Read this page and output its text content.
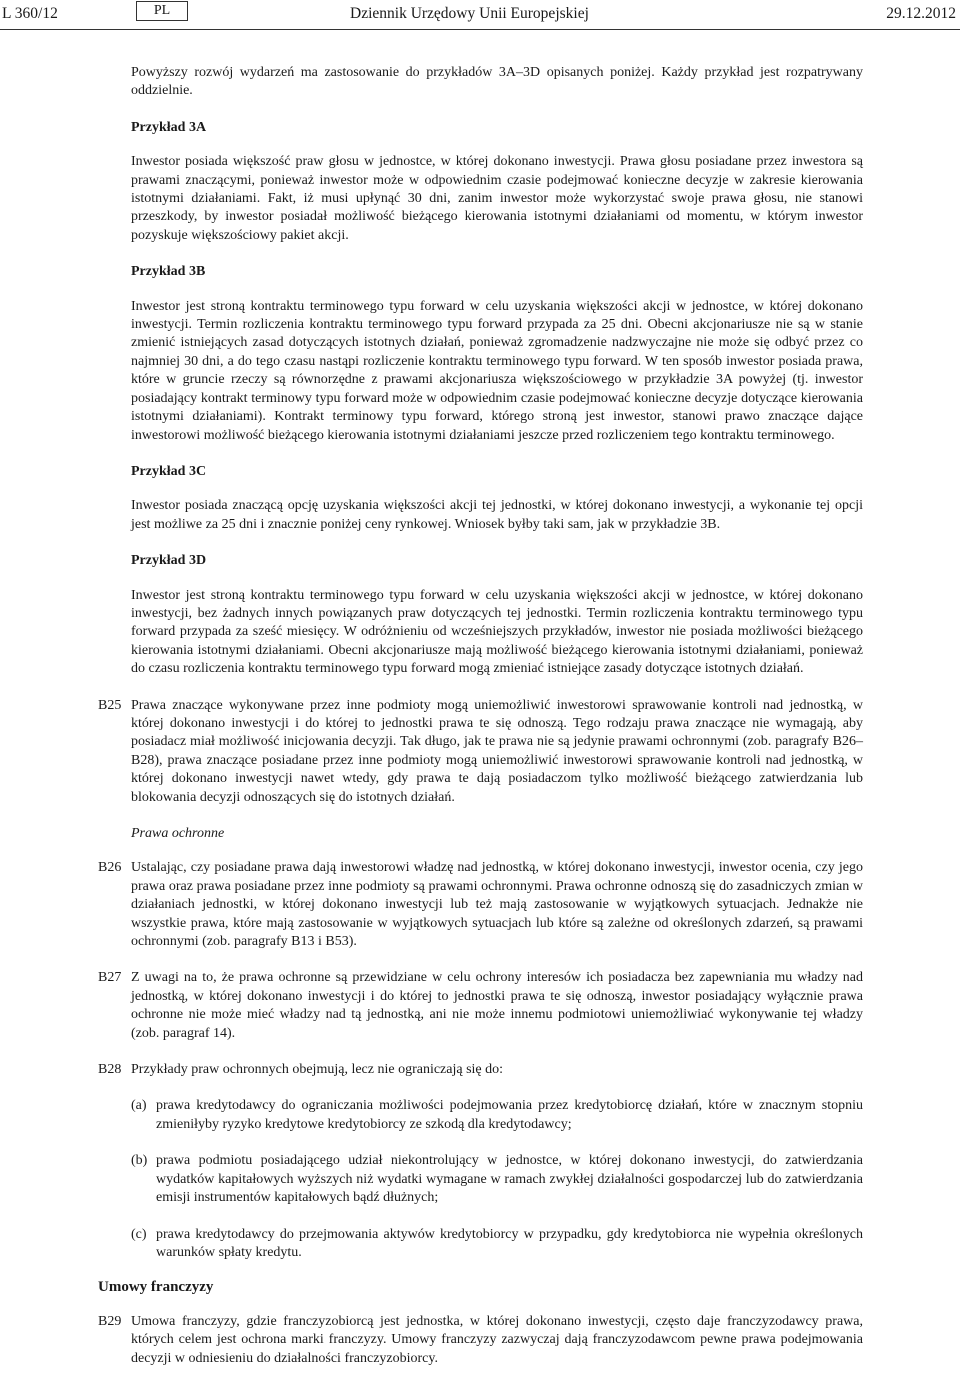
L 360/12	PL	Dziennik Urzędowy Unii Europejskiej	29.12.2012

Powyższy rozwój wydarzeń ma zastosowanie do przykładów 3A–3D opisanych poniżej. Każdy przykład jest rozpatrywany oddzielnie.

Przykład 3A

Inwestor posiada większość praw głosu w jednostce, w której dokonano inwestycji. Prawa głosu posiadane przez inwestora są prawami znaczącymi, ponieważ inwestor może w odpowiednim czasie podejmować konieczne decyzje w zakresie kierowania istotnymi działaniami. Fakt, iż musi upłynąć 30 dni, zanim inwestor może wykorzystać swoje prawa głosu, nie stanowi przeszkody, by inwestor posiadał możliwość bieżącego kierowania istotnymi działaniami od momentu, w którym inwestor pozyskuje większościowy pakiet akcji.

Przykład 3B

Inwestor jest stroną kontraktu terminowego typu forward w celu uzyskania większości akcji w jednostce, w której dokonano inwestycji. Termin rozliczenia kontraktu terminowego typu forward przypada za 25 dni. Obecni akcjonariusze nie są w stanie zmienić istniejących zasad dotyczących istotnych działań, ponieważ zgromadzenie nadzwyczajne nie może się odbyć przez co najmniej 30 dni, a do tego czasu nastąpi rozliczenie kontraktu terminowego typu forward. W ten sposób inwestor posiada prawa, które w gruncie rzeczy są równorzędne z prawami akcjonariusza większościowego w przykładzie 3A powyżej (tj. inwestor posiadający kontrakt terminowy typu forward może w odpowiednim czasie podejmować konieczne decyzje dotyczące kierowania istotnymi działaniami). Kontrakt terminowy typu forward, którego stroną jest inwestor, stanowi prawo znaczące dające inwestorowi możliwość bieżącego kierowania istotnymi działaniami jeszcze przed rozliczeniem tego kontraktu terminowego.

Przykład 3C

Inwestor posiada znaczącą opcję uzyskania większości akcji tej jednostki, w której dokonano inwestycji, a wykonanie tej opcji jest możliwe za 25 dni i znacznie poniżej ceny rynkowej. Wniosek byłby taki sam, jak w przykładzie 3B.

Przykład 3D

Inwestor jest stroną kontraktu terminowego typu forward w celu uzyskania większości akcji w jednostce, w której dokonano inwestycji, bez żadnych innych powiązanych praw dotyczących tej jednostki. Termin rozliczenia kontraktu terminowego typu forward przypada za sześć miesięcy. W odróżnieniu od wcześniejszych przykładów, inwestor nie posiada możliwości bieżącego kierowania istotnymi działaniami. Obecni akcjonariusze mają możliwość bieżącego kierowania istotnymi działaniami, ponieważ do czasu rozliczenia kontraktu terminowego typu forward mogą zmieniać istniejące zasady dotyczące istotnych działań.

B25 Prawa znaczące wykonywane przez inne podmioty mogą uniemożliwić inwestorowi sprawowanie kontroli nad jednostką, w której dokonano inwestycji i do której to jednostki prawa te się odnoszą. Tego rodzaju prawa znaczące nie wymagają, aby posiadacz miał możliwość inicjowania decyzji. Tak długo, jak te prawa nie są jedynie prawami ochronnymi (zob. paragrafy B26–B28), prawa znaczące posiadane przez inne podmioty mogą uniemożliwić inwestorowi sprawowanie kontroli nad jednostką, w której dokonano inwestycji nawet wtedy, gdy prawa te dają posiadaczom tylko możliwość bieżącego zatwierdzania lub blokowania decyzji odnoszących się do istotnych działań.

Prawa ochronne

B26 Ustalając, czy posiadane prawa dają inwestorowi władzę nad jednostką, w której dokonano inwestycji, inwestor ocenia, czy jego prawa oraz prawa posiadane przez inne podmioty są prawami ochronnymi. Prawa ochronne odnoszą się do zasadniczych zmian w działaniach jednostki, w której dokonano inwestycji lub też mają zastosowanie w wyjątkowych sytuacjach. Jednakże nie wszystkie prawa, które mają zastosowanie w wyjątkowych sytuacjach lub które są zależne od określonych zdarzeń, są prawami ochronnymi (zob. paragrafy B13 i B53).
B27 Z uwagi na to, że prawa ochronne są przewidziane w celu ochrony interesów ich posiadacza bez zapewniania mu władzy nad jednostką, w której dokonano inwestycji i do której to jednostki prawa te się odnoszą, inwestor posiadający wyłącznie prawa ochronne nie może mieć władzy nad tą jednostką, ani nie może innemu podmiotowi uniemożliwiać wykonywanie tej władzy (zob. paragraf 14).
B28 Przykłady praw ochronnych obejmują, lecz nie ograniczają się do:
(a) prawa kredytodawcy do ograniczania możliwości podejmowania przez kredytobiorcę działań, które w znacznym stopniu zmieniłyby ryzyko kredytowe kredytobiorcy ze szkodą dla kredytodawcy;
(b) prawa podmiotu posiadającego udział niekontrolujący w jednostce, w której dokonano inwestycji, do zatwierdzania wydatków kapitałowych wyższych niż wydatki wymagane w ramach zwykłej działalności gospodarczej lub do zatwierdzania emisji instrumentów kapitałowych bądź dłużnych;
(c) prawa kredytodawcy do przejmowania aktywów kredytobiorcy w przypadku, gdy kredytobiorca nie wypełnia określonych warunków spłaty kredytu.

Umowy franczyzy

B29 Umowa franczyzy, gdzie franczyzobiorcą jest jednostka, w której dokonano inwestycji, często daje franczyzodawcy prawa, których celem jest ochrona marki franczyzy. Umowy franczyzy zazwyczaj dają franczyzodawcom pewne prawa podejmowania decyzji w odniesieniu do działalności franczyzobiorcy.
